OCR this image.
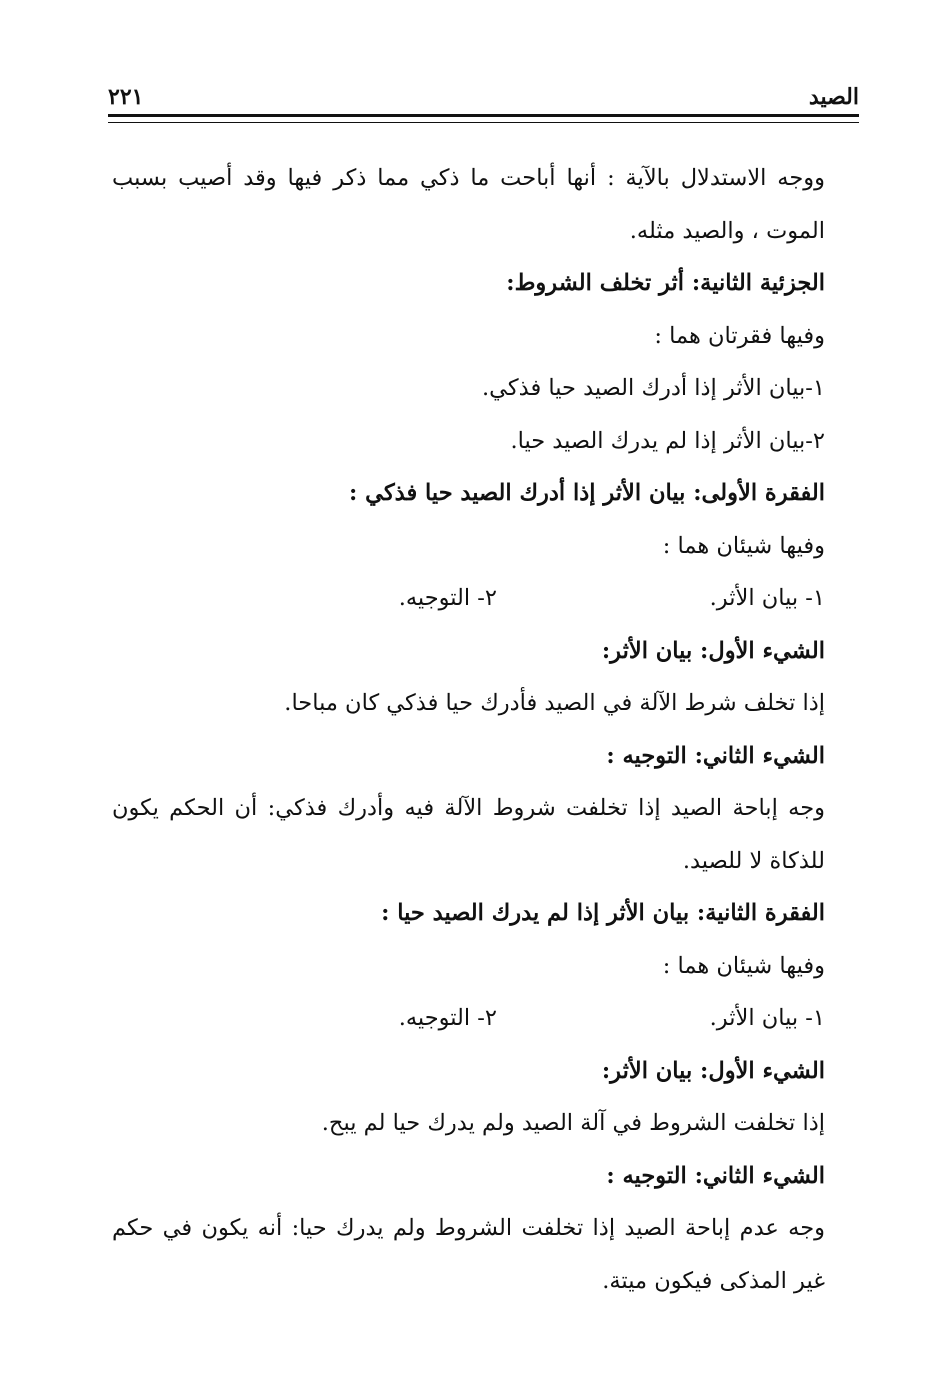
الصيد
٢٢١

ووجه الاستدلال بالآية : أنها أباحت ما ذكي مما ذكر فيها وقد أصيب بسبب الموت ، والصيد مثله.

الجزئية الثانية: أثر تخلف الشروط:

وفيها فقرتان هما :

١-بيان الأثر إذا أدرك الصيد حيا فذكي.

٢-بيان الأثر إذا لم يدرك الصيد حيا.

الفقرة الأولى: بيان الأثر إذا أدرك الصيد حيا فذكي :

وفيها شيئان هما :

١- بيان الأثر.
٢- التوجيه.

الشيء الأول: بيان الأثر:

إذا تخلف شرط الآلة في الصيد فأدرك حيا فذكي كان مباحا.

الشيء الثاني: التوجيه :

وجه إباحة الصيد إذا تخلفت شروط الآلة فيه وأدرك فذكي: أن الحكم يكون للذكاة لا للصيد.

الفقرة الثانية: بيان الأثر إذا لم يدرك الصيد حيا :

وفيها شيئان هما :

١- بيان الأثر.
٢- التوجيه.

الشيء الأول: بيان الأثر:

إذا تخلفت الشروط في آلة الصيد ولم يدرك حيا لم يبح.

الشيء الثاني: التوجيه :

وجه عدم إباحة الصيد إذا تخلفت الشروط ولم يدرك حيا: أنه يكون في حكم غير المذكى فيكون ميتة.
